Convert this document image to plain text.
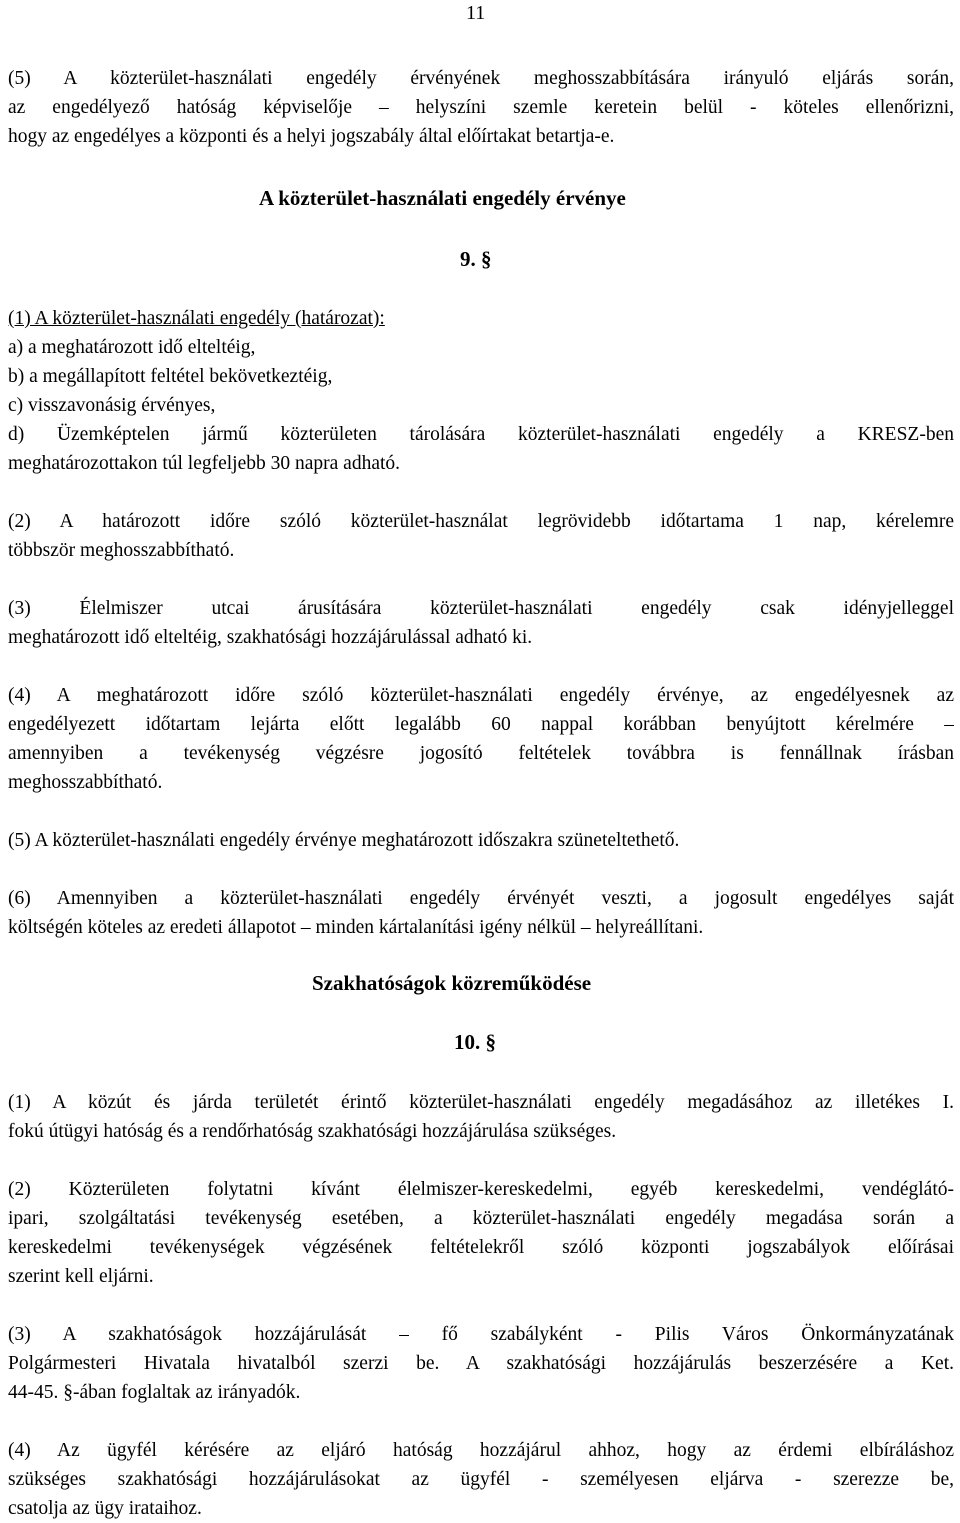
11
(5) A közterület-használati engedély érvényének meghosszabbítására irányuló eljárás során,
az engedélyező hatóság képviselője – helyszíni szemle keretein belül - köteles ellenőrizni,
hogy az engedélyes a központi és a helyi jogszabály által előírtakat betartja-e.
A közterület-használati engedély érvénye
9. §
(1) A közterület-használati engedély (határozat):
a) a meghatározott idő elteltéig,
b) a megállapított feltétel bekövetkeztéig,
c) visszavonásig érvényes,
d) Üzemképtelen jármű közterületen tárolására közterület-használati engedély a KRESZ-ben
meghatározottakon túl legfeljebb 30 napra adható.
(2) A határozott időre szóló közterület-használat legrövidebb időtartama 1 nap, kérelemre
többször meghosszabbítható.
(3) Élelmiszer utcai árusítására közterület-használati engedély csak idényjelleggel
meghatározott idő elteltéig, szakhatósági hozzájárulással adható ki.
(4) A meghatározott időre szóló közterület-használati engedély érvénye, az engedélyesnek az
engedélyezett időtartam lejárta előtt legalább 60 nappal korábban benyújtott kérelmére –
amennyiben a tevékenység végzésre jogosító feltételek továbbra is fennállnak írásban
meghosszabbítható.
(5) A közterület-használati engedély érvénye meghatározott időszakra szüneteltethető.
(6) Amennyiben a közterület-használati engedély érvényét veszti, a jogosult engedélyes saját
költségén köteles az eredeti állapotot – minden kártalanítási igény nélkül – helyreállítani.
Szakhatóságok közreműködése
10. §
(1) A közút és járda területét érintő közterület-használati engedély megadásához az illetékes I.
fokú útügyi hatóság és a rendőrhatóság szakhatósági hozzájárulása szükséges.
(2) Közterületen folytatni kívánt élelmiszer-kereskedelmi, egyéb kereskedelmi, vendéglátó-
ipari, szolgáltatási tevékenység esetében, a közterület-használati engedély megadása során a
kereskedelmi tevékenységek végzésének feltételekről szóló központi jogszabályok előírásai
szerint kell eljárni.
(3) A szakhatóságok hozzájárulását – fő szabályként - Pilis Város Önkormányzatának
Polgármesteri Hivatala hivatalból szerzi be. A szakhatósági hozzájárulás beszerzésére a Ket.
44-45. §-ában foglaltak az irányadók.
(4) Az ügyfél kérésére az eljáró hatóság hozzájárul ahhoz, hogy az érdemi elbíráláshoz
szükséges szakhatósági hozzájárulásokat az ügyfél - személyesen eljárva - szerezze be,
csatolja az ügy irataihoz.
